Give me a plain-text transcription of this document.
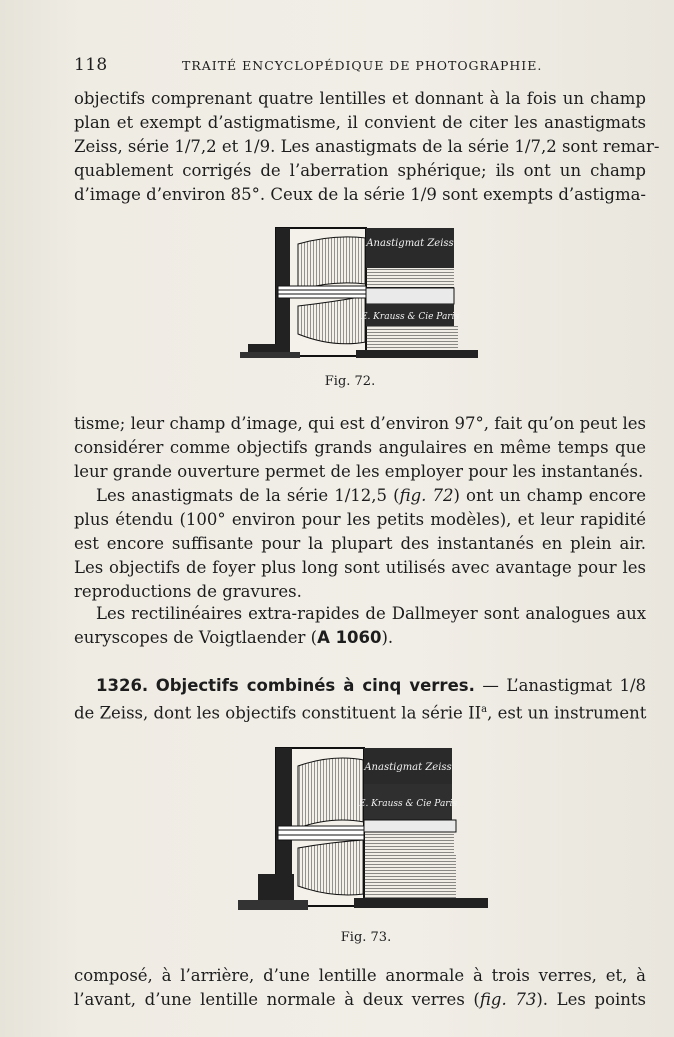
118	TRAITÉ ENCYCLOPÉDIQUE DE PHOTOGRAPHIE.
objectifs comprenant quatre lentilles et donnant à la fois un champ
plan et exempt d’astigmatisme, il convient de citer les anastigmats
Zeiss, série 1/7,2 et 1/9. Les anastigmats de la série 1/7,2 sont remar-
quablement corrigés de l’aberration sphérique; ils ont un champ
d’image d’environ 85°. Ceux de la série 1/9 sont exempts d’astigma-
Anastigmat Zeiss
E. Krauss & Cie Paris
Fig. 72.
tisme; leur champ d’image, qui est d’environ 97°, fait qu’on peut les
considérer comme objectifs grands angulaires en même temps que
leur grande ouverture permet de les employer pour les instantanés.
Les anastigmats de la série 1/12,5 (fig. 72) ont un champ encore
plus étendu (100° environ pour les petits modèles), et leur rapidité
est encore suffisante pour la plupart des instantanés en plein air.
Les objectifs de foyer plus long sont utilisés avec avantage pour les
reproductions de gravures.
Les rectilinéaires extra-rapides de Dallmeyer sont analogues aux
euryscopes de Voigtlaender (A 1060).
1326. Objectifs combinés à cinq verres. — L’anastigmat 1/8
de Zeiss, dont les objectifs constituent la série $II^a$, est un instrument
Anastigmat Zeiss
E. Krauss & Cie Paris
Fig. 73.
composé, à l’arrière, d’une lentille anormale à trois verres, et, à
l’avant, d’une lentille normale à deux verres (fig. 73). Les points
